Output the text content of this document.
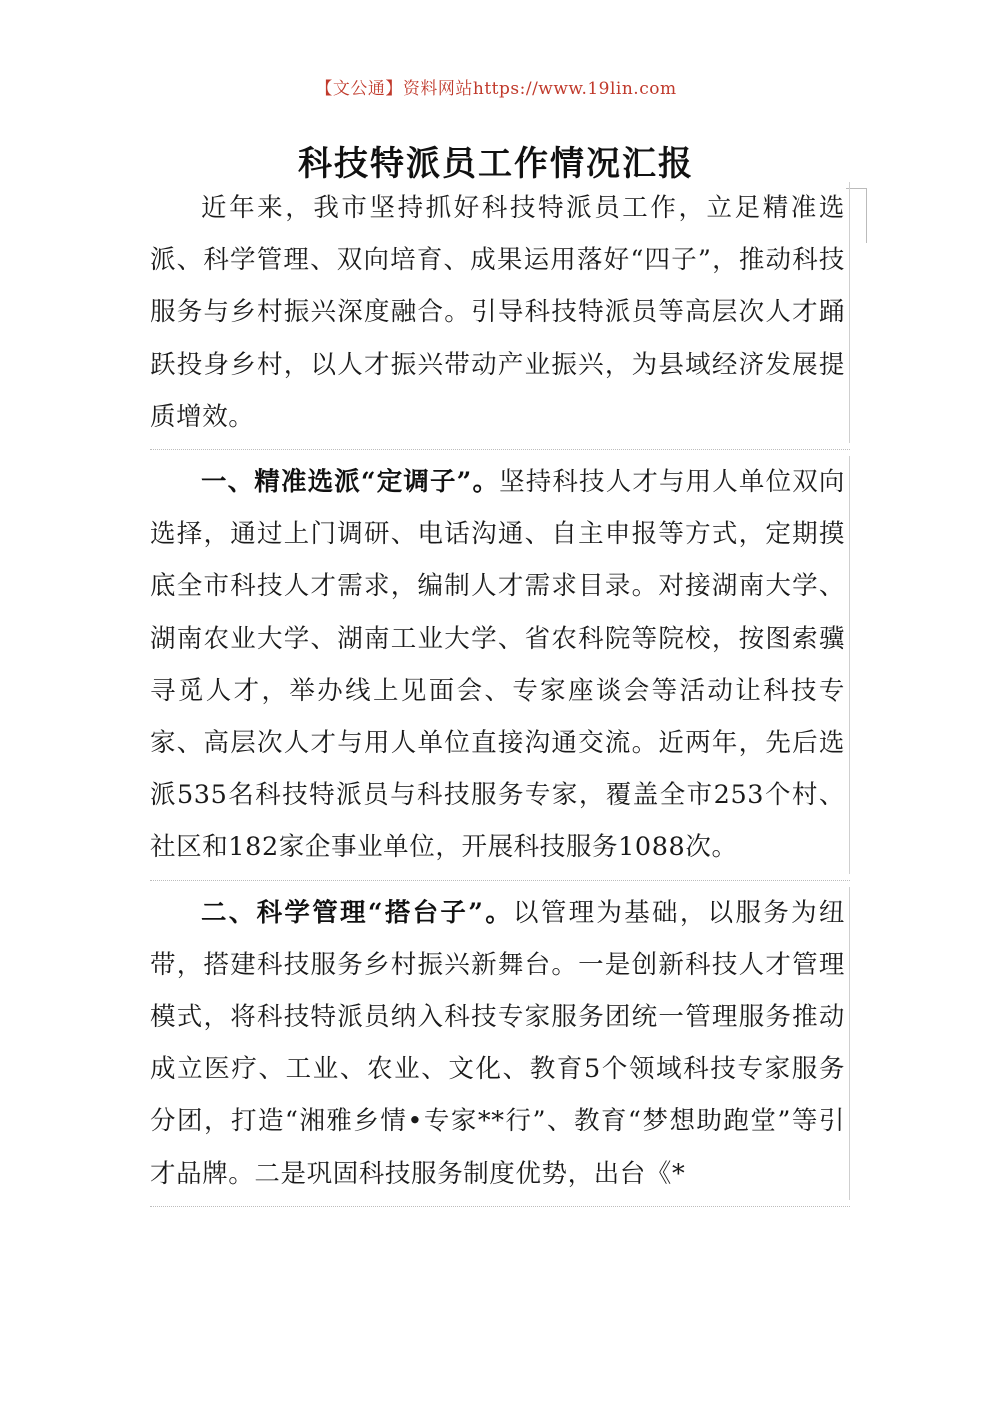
【文公通】资料网站https://www.19lin.com
科技特派员工作情况汇报

近年来，我市坚持抓好科技特派员工作，立足精准选派、科学管理、双向培育、成果运用落好“四子”，推动科技服务与乡村振兴深度融合。引导科技特派员等高层次人才踊跃投身乡村，以人才振兴带动产业振兴，为县域经济发展提质增效。

一、精准选派“定调子”。坚持科技人才与用人单位双向选择，通过上门调研、电话沟通、自主申报等方式，定期摸底全市科技人才需求，编制人才需求目录。对接湖南大学、湖南农业大学、湖南工业大学、省农科院等院校，按图索骥寻觅人才，举办线上见面会、专家座谈会等活动让科技专家、高层次人才与用人单位直接沟通交流。近两年，先后选派535名科技特派员与科技服务专家，覆盖全市253个村、社区和182家企事业单位，开展科技服务1088次。

二、科学管理“搭台子”。以管理为基础，以服务为纽带，搭建科技服务乡村振兴新舞台。一是创新科技人才管理模式，将科技特派员纳入科技专家服务团统一管理服务推动成立医疗、工业、农业、文化、教育5个领域科技专家服务分团，打造“湘雅乡情•专家**行”、教育“梦想助跑堂”等引才品牌。二是巩固科技服务制度优势，出台《*
